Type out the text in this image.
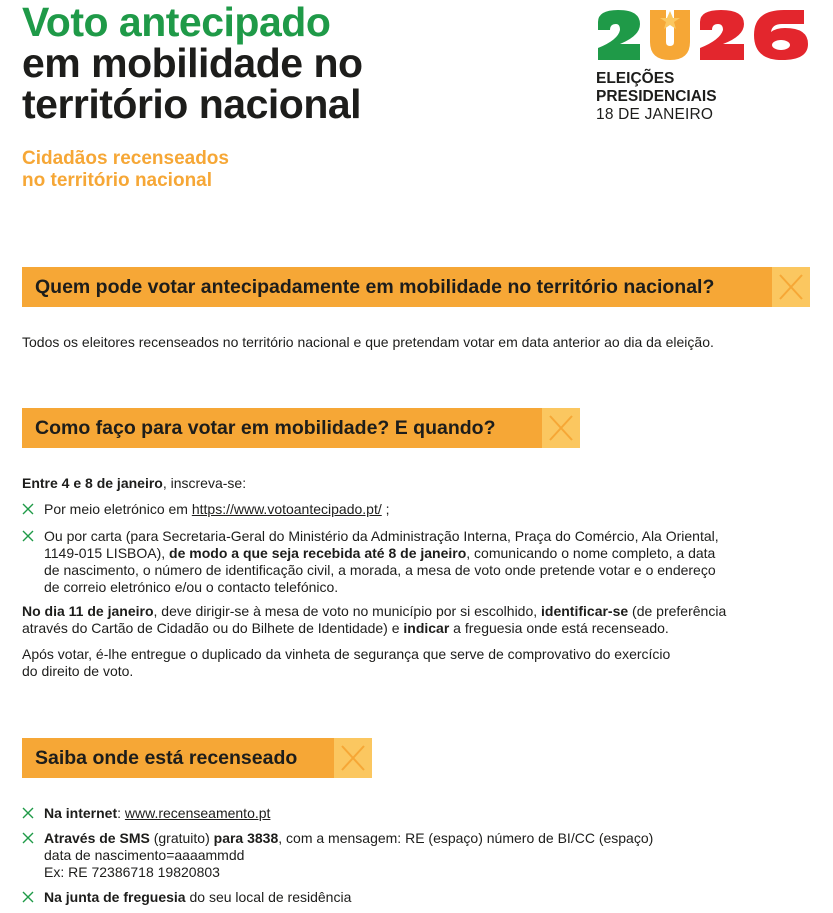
Voto antecipado
em mobilidade no
território nacional
Cidadãos recenseados
no território nacional
ELEIÇÕES
PRESIDENCIAIS
18 DE JANEIRO
Quem pode votar antecipadamente em mobilidade no território nacional?

Todos os eleitores recenseados no território nacional e que pretendam votar em data anterior ao dia da eleição.

Como faço para votar em mobilidade? E quando?

Entre 4 e 8 de janeiro, inscreva-se:

Por meio eletrónico em https://www.votoantecipado.pt/ ;
Ou por carta (para Secretaria-Geral do Ministério da Administração Interna, Praça do Comércio, Ala Oriental,
1149-015 LISBOA), de modo a que seja recebida até 8 de janeiro, comunicando o nome completo, a data
de nascimento, o número de identificação civil, a morada, a mesa de voto onde pretende votar e o endereço
de correio eletrónico e/ou o contacto telefónico.

No dia 11 de janeiro, deve dirigir-se à mesa de voto no município por si escolhido, identificar-se (de preferência
através do Cartão de Cidadão ou do Bilhete de Identidade) e indicar a freguesia onde está recenseado.

Após votar, é-lhe entregue o duplicado da vinheta de segurança que serve de comprovativo do exercício
do direito de voto.

Saiba onde está recenseado
Na internet: www.recenseamento.pt
Através de SMS (gratuito) para 3838, com a mensagem: RE (espaço) número de BI/CC (espaço)
data de nascimento=aaaammdd
Ex: RE 72386718 19820803
Na junta de freguesia do seu local de residência
